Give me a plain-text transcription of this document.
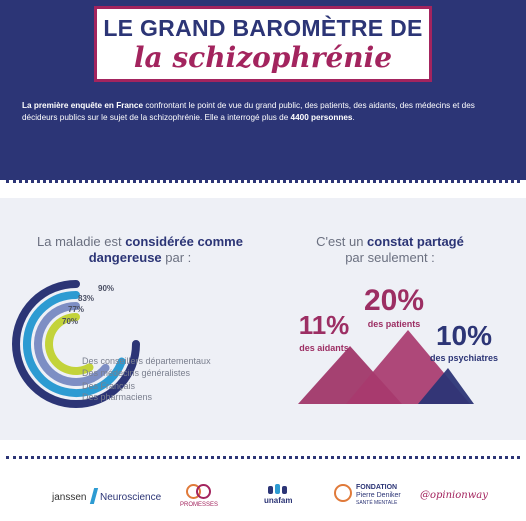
LE GRAND BAROMÈTRE DE
la schizophrénie
La première enquête en France confrontant le point de vue du grand public, des patients, des aidants, des médecins et des décideurs publics sur le sujet de la schizophrénie. Elle a interrogé plus de 4400 personnes.
La maladie est considérée comme dangereuse par :
90%
83%
77%
70%
Des conseillers départementaux
Des médecins généralistes
Des Français
Des pharmaciens
C'est un constat partagé
par seulement :
11%
des aidants
20%
des patients 10%
des psychiatres
janssen Neuroscience
PROMESSES	unafam
FONDATION
Pierre Deniker
SANTÉ MENTALE
@opinionway
